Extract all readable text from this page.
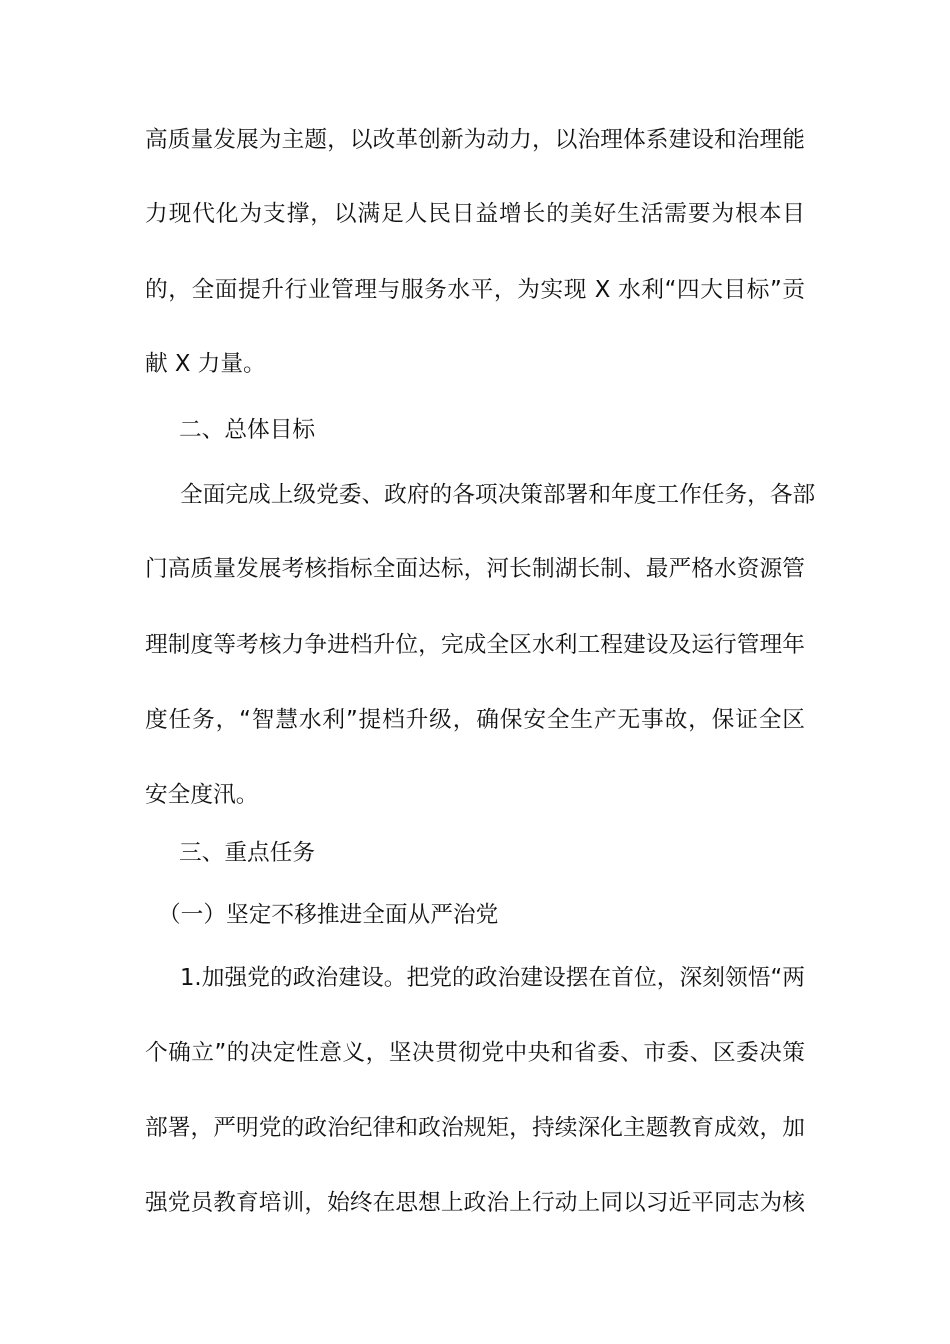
高质量发展为主题，以改革创新为动力，以治理体系建设和治理能
力现代化为支撑，以满足人民日益增长的美好生活需要为根本目
的，全面提升行业管理与服务水平，为实现 X 水利“四大目标”贡
献 X 力量。
二、总体目标
全面完成上级党委、政府的各项决策部署和年度工作任务，各部
门高质量发展考核指标全面达标，河长制湖长制、最严格水资源管
理制度等考核力争进档升位，完成全区水利工程建设及运行管理年
度任务，“智慧水利”提档升级，确保安全生产无事故，保证全区
安全度汛。
三、重点任务
（一）坚定不移推进全面从严治党
1.加强党的政治建设。把党的政治建设摆在首位，深刻领悟“两
个确立”的决定性意义，坚决贯彻党中央和省委、市委、区委决策
部署，严明党的政治纪律和政治规矩，持续深化主题教育成效，加
强党员教育培训，始终在思想上政治上行动上同以习近平同志为核
